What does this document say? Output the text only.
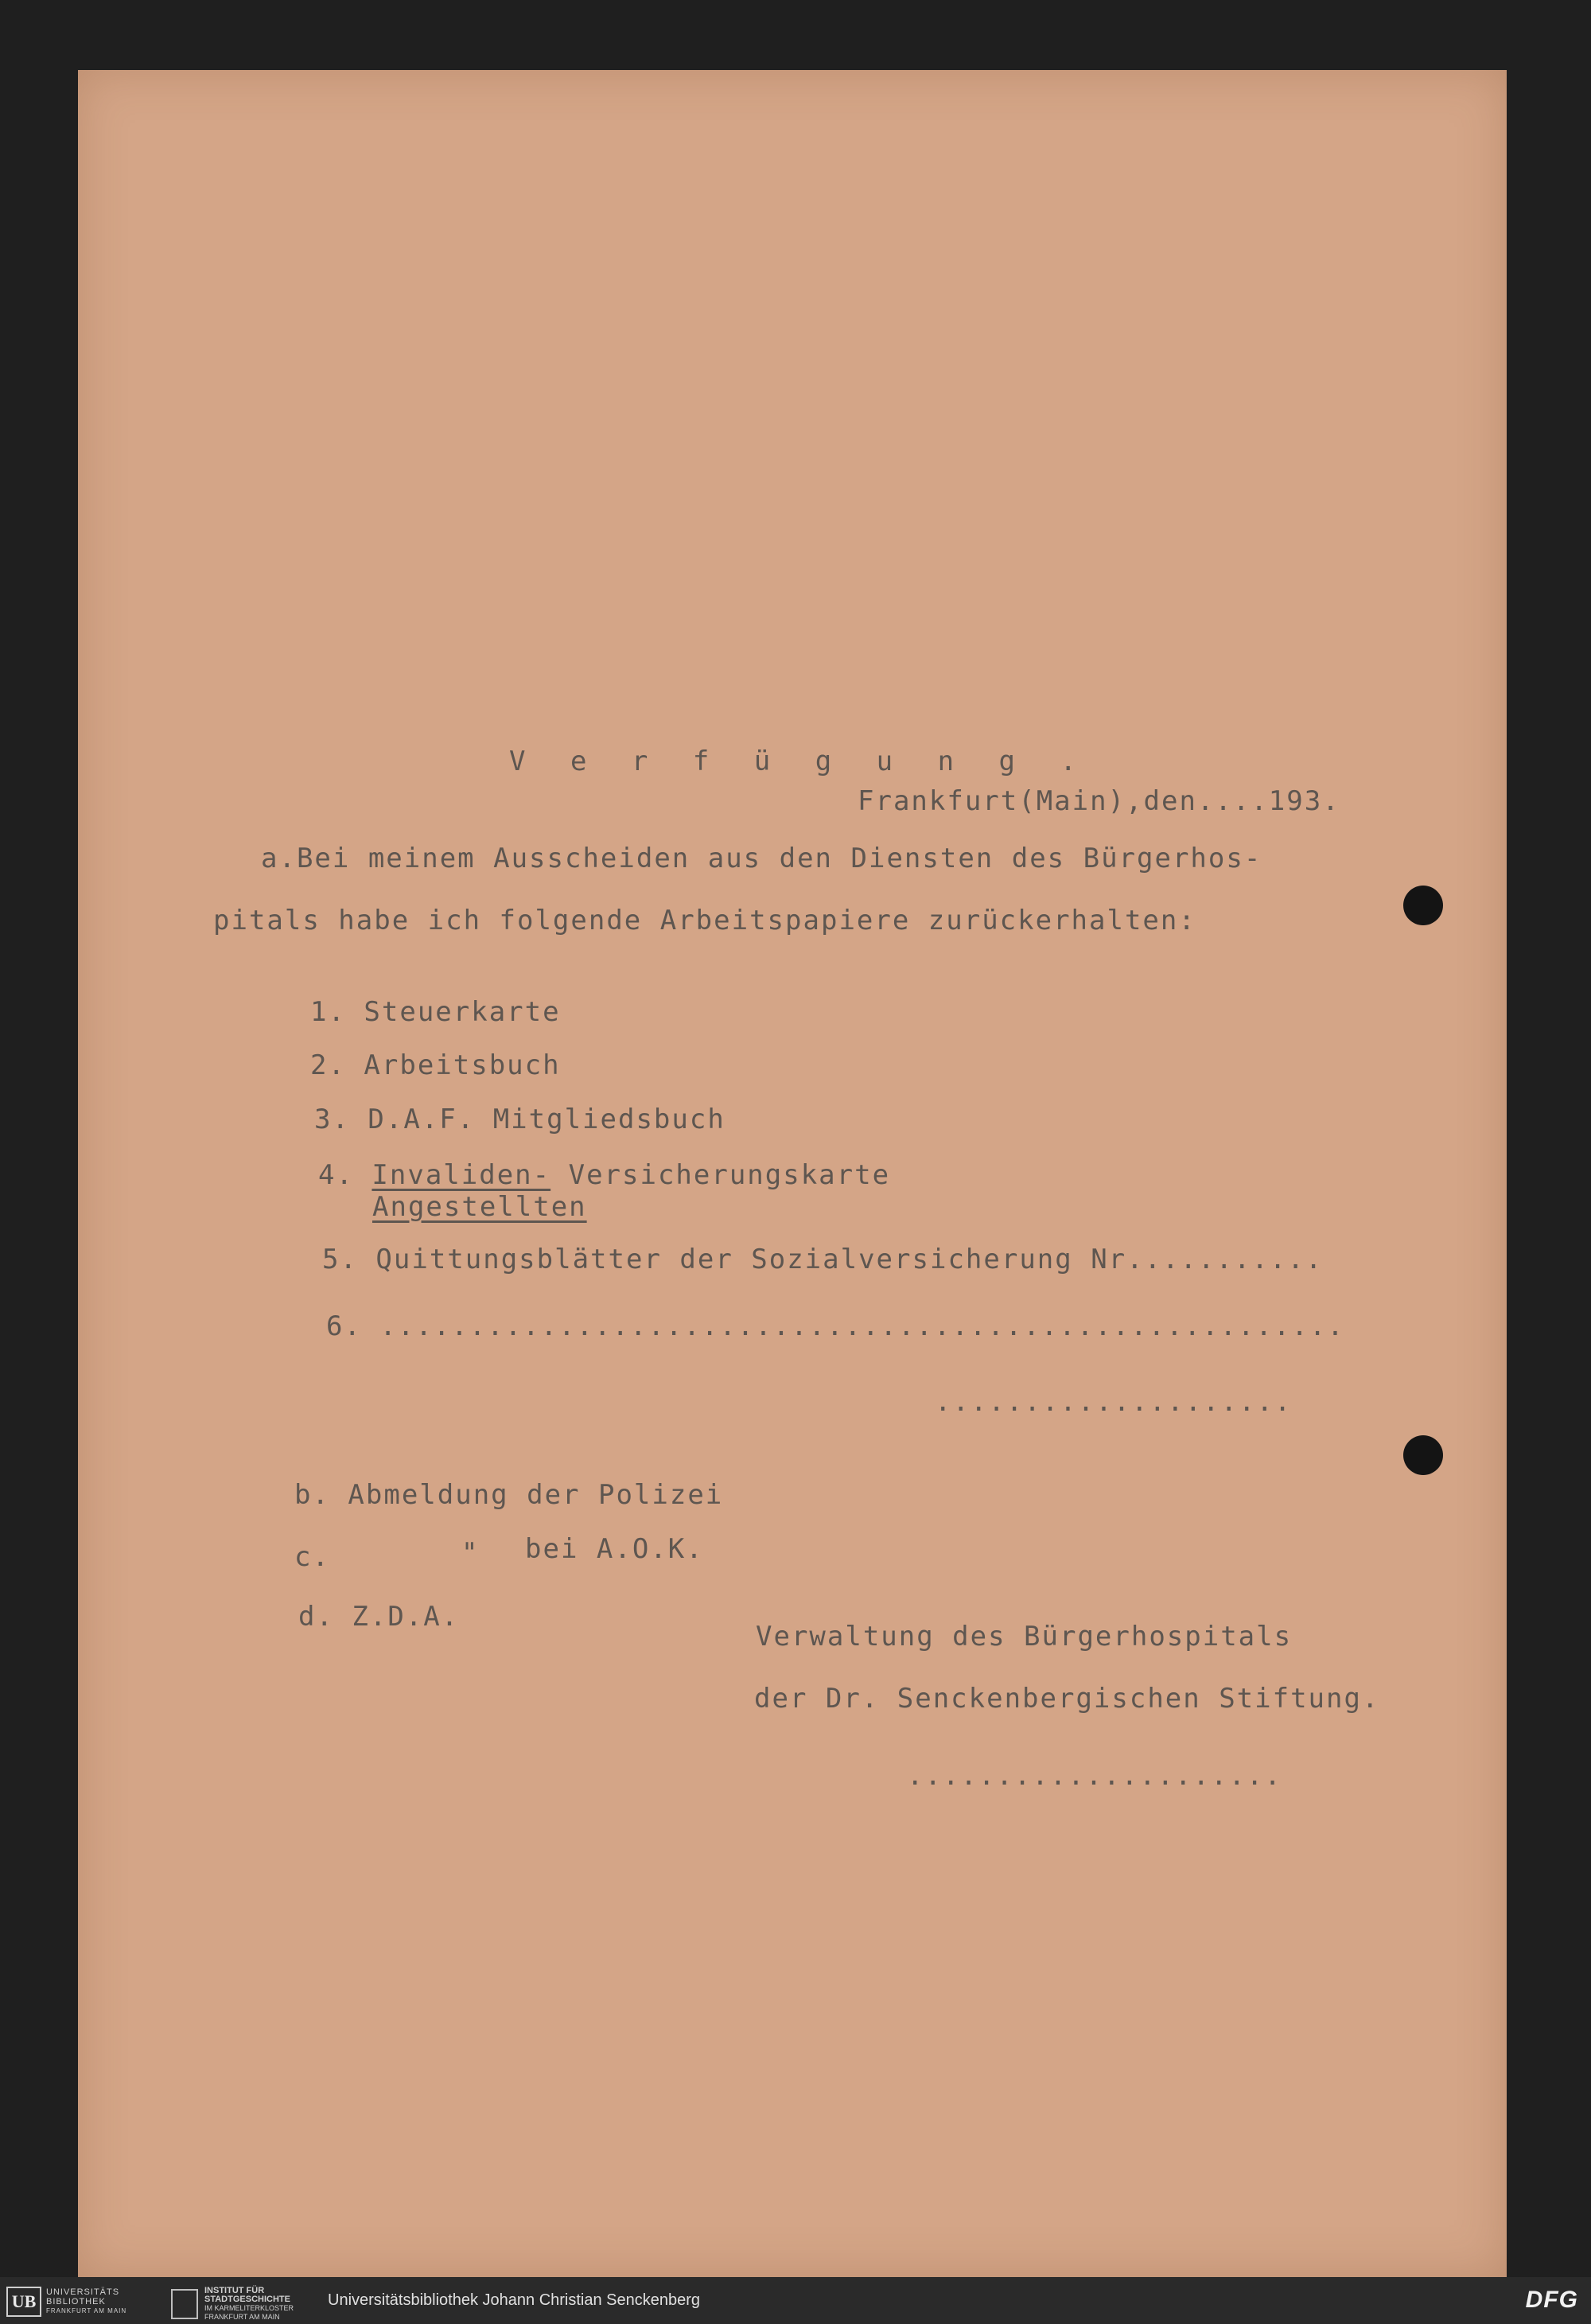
V e r f ü g u n g .
Frankfurt(Main),den....193.
a.Bei meinem Ausscheiden aus den Diensten des Bürgerhos-
pitals habe ich folgende Arbeitspapiere zurückerhalten:
1. Steuerkarte
2. Arbeitsbuch
3. D.A.F. Mitgliedsbuch
4. Invaliden- Versicherungskarte
Angestellten
5. Quittungsblätter der Sozialversicherung Nr...........
6. ......................................................
....................
b. Abmeldung der Polizei
c.	" bei A.O.K.
d. Z.D.A.
Verwaltung des Bürgerhospitals
der Dr. Senckenbergischen Stiftung.
.....................
UB	UNIVERSITÄTS
BIBLIOTHEK
FRANKFURT AM MAIN
INSTITUT FÜR
STADTGESCHICHTE
IM KARMELITERKLOSTER
FRANKFURT AM MAIN
Universitätsbibliothek Johann Christian Senckenberg	DFG
